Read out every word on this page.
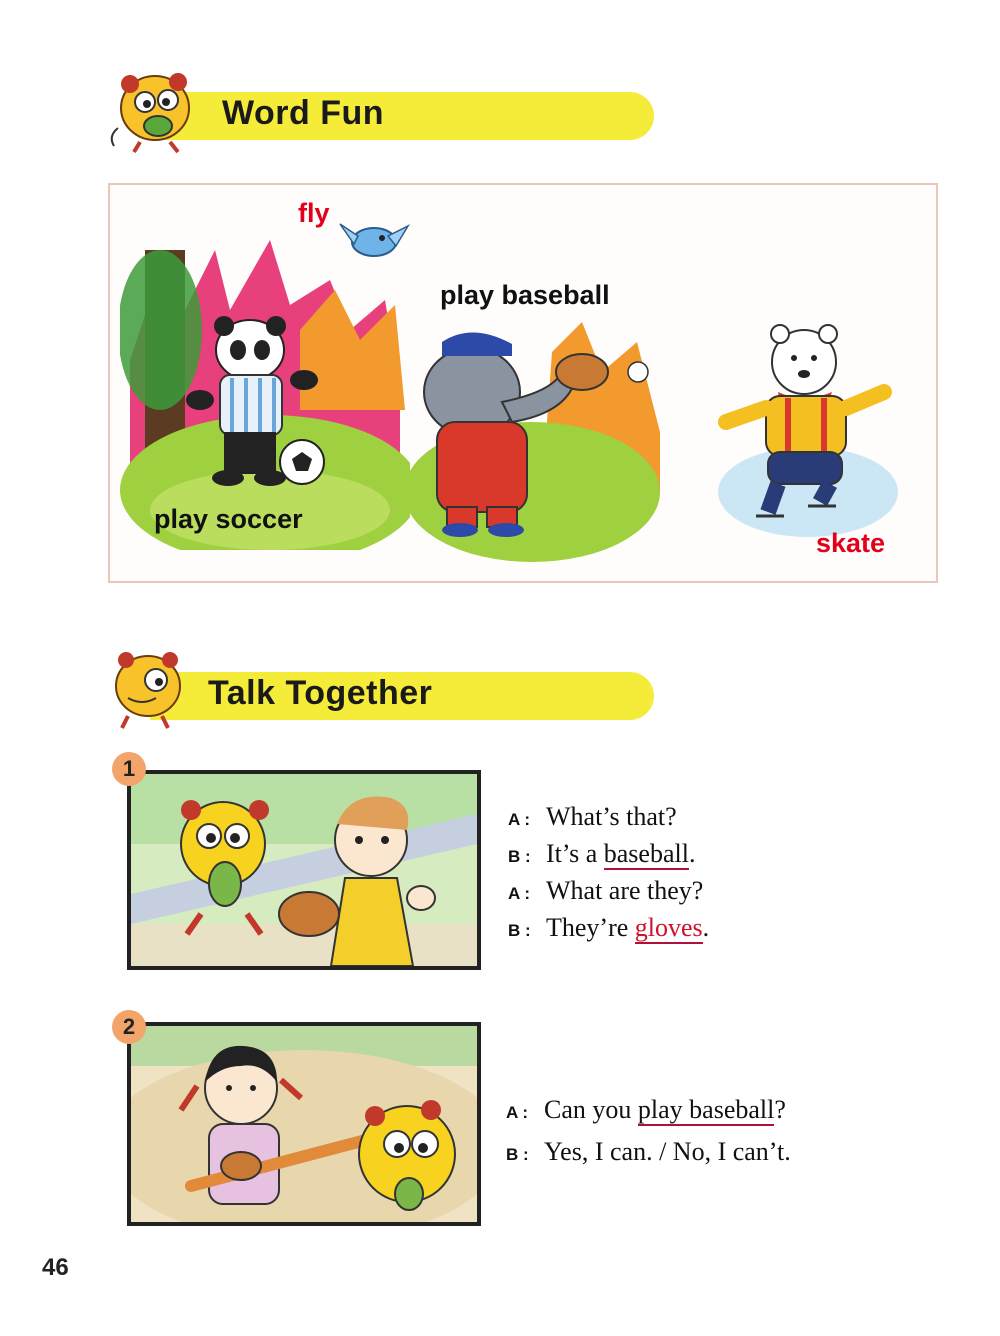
Word Fun
fly
play soccer
play baseball
skate
Talk Together
1
A : What’s that?
B : It’s a baseball.
A : What are they?
B : They’re gloves.
2
A : Can you play baseball?
B : Yes, I can. / No, I can’t.
46
